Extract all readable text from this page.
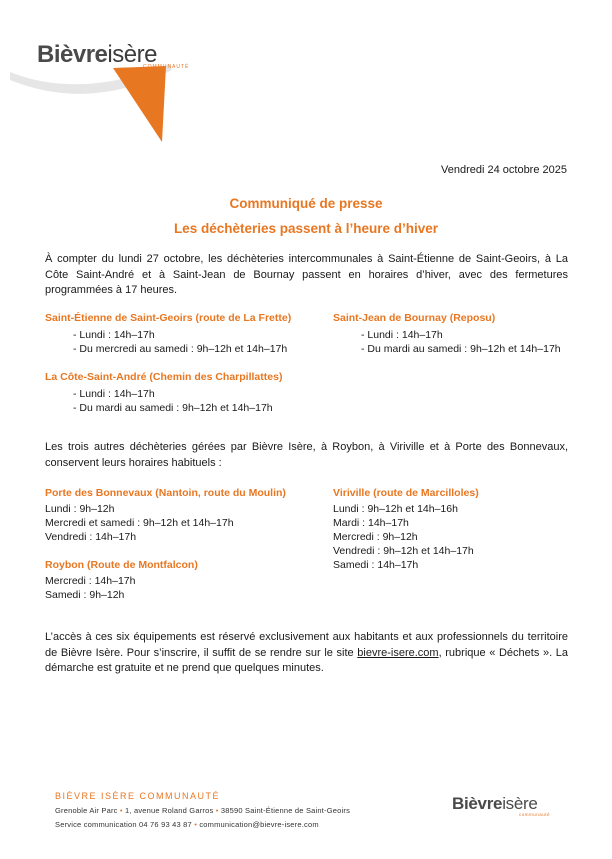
Bièvreisère
COMMUNAUTÉ
Vendredi 24 octobre 2025
Communiqué de presse
Les déchèteries passent à l’heure d’hiver
À compter du lundi 27 octobre, les déchèteries intercommunales à Saint-Étienne de Saint-Geoirs, à La Côte Saint-André et à Saint-Jean de Bournay passent en horaires d’hiver, avec des fermetures programmées à 17 heures.
Saint-Étienne de Saint-Geoirs (route de La Frette)
- Lundi : 14h–17h
- Du mercredi au samedi : 9h–12h et 14h–17h
Saint-Jean de Bournay (Reposu)
- Lundi : 14h–17h
- Du mardi au samedi : 9h–12h et 14h–17h
La Côte-Saint-André (Chemin des Charpillattes)
- Lundi : 14h–17h
- Du mardi au samedi : 9h–12h et 14h–17h
Les trois autres déchèteries gérées par Bièvre Isère, à Roybon, à Viriville et à Porte des Bonnevaux, conservent leurs horaires habituels :
Porte des Bonnevaux (Nantoin, route du Moulin)
Lundi : 9h–12h
Mercredi et samedi : 9h–12h et 14h–17h
Vendredi : 14h–17h
Roybon (Route de Montfalcon)
Mercredi : 14h–17h
Samedi : 9h–12h
Viriville (route de Marcilloles)
Lundi : 9h–12h et 14h–16h
Mardi : 14h–17h
Mercredi : 9h–12h
Vendredi : 9h–12h et 14h–17h
Samedi : 14h–17h
L’accès à ces six équipements est réservé exclusivement aux habitants et aux professionnels du territoire de Bièvre Isère. Pour s’inscrire, il suffit de se rendre sur le site bievre-isere.com, rubrique « Déchets ». La démarche est gratuite et ne prend que quelques minutes.
BIÈVRE ISÈRE COMMUNAUTÉ
Grenoble Air Parc • 1, avenue Roland Garros • 38590 Saint-Étienne de Saint-Geoirs
Service communication 04 76 93 43 87 • communication@bievre-isere.com
Bièvreisère
communauté
